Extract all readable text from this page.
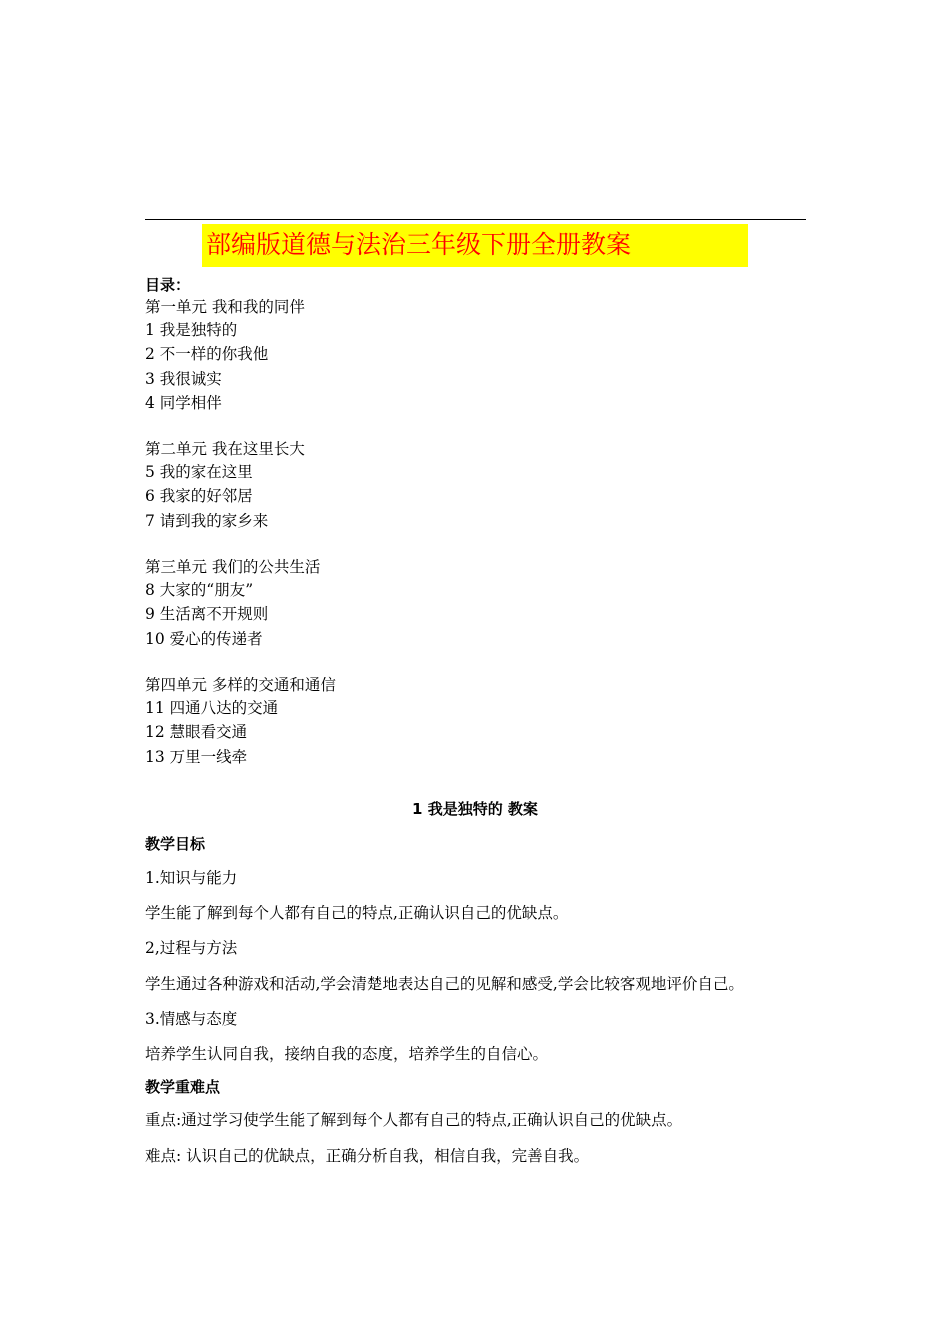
部编版道德与法治三年级下册全册教案
目录：
第一单元 我和我的同伴
1 我是独特的
2 不一样的你我他
3 我很诚实
4 同学相伴
第二单元 我在这里长大
5 我的家在这里
6 我家的好邻居
7 请到我的家乡来
第三单元 我们的公共生活
8 大家的“朋友”
9 生活离不开规则
10 爱心的传递者
第四单元 多样的交通和通信
11 四通八达的交通
12 慧眼看交通
13 万里一线牵
1 我是独特的 教案
教学目标
1.知识与能力
学生能了解到每个人都有自己的特点,正确认识自己的优缺点。
2,过程与方法
学生通过各种游戏和活动,学会清楚地表达自己的见解和感受,学会比较客观地评价自己。
3.情感与态度
培养学生认同自我，接纳自我的态度，培养学生的自信心。
教学重难点
重点:通过学习使学生能了解到每个人都有自己的特点,正确认识自己的优缺点。
难点: 认识自己的优缺点，正确分析自我，相信自我，完善自我。
